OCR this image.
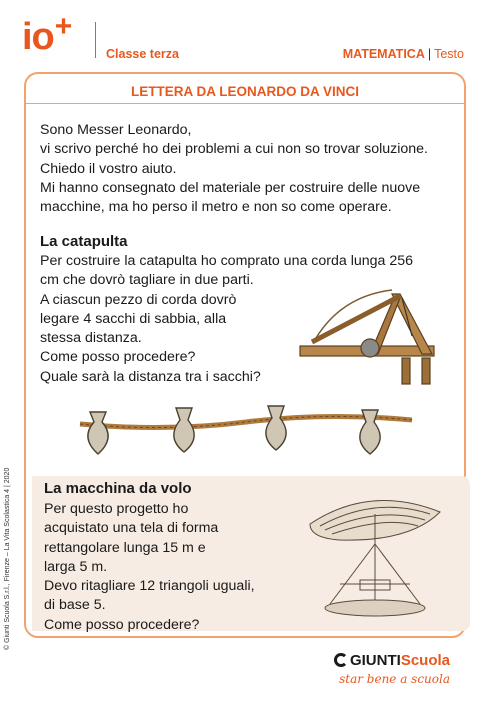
io+
Classe terza	MATEMATICA | Testo
LETTERA DA LEONARDO DA VINCI
Sono Messer Leonardo,
vi scrivo perché ho dei problemi a cui non so trovar soluzione.
Chiedo il vostro aiuto.
Mi hanno consegnato del materiale per costruire delle nuove
macchine, ma ho perso il metro e non so come operare.
La catapulta
Per costruire la catapulta ho comprato una corda lunga 256
cm che dovrò tagliare in due parti.
A ciascun pezzo di corda dovrò
legare 4 sacchi di sabbia, alla
stessa distanza.
Come posso procedere?
Quale sarà la distanza tra i sacchi?
La macchina da volo
Per questo progetto ho
acquistato una tela di forma
rettangolare lunga 15 m e
larga 5 m.
Devo ritagliare 12 triangoli uguali,
di base 5.
Come posso procedere?
© Giunti Scuola S.r.l., Firenze – La Vita Scolastica 4 | 2020
GIUNTIScuola
star bene a scuola
